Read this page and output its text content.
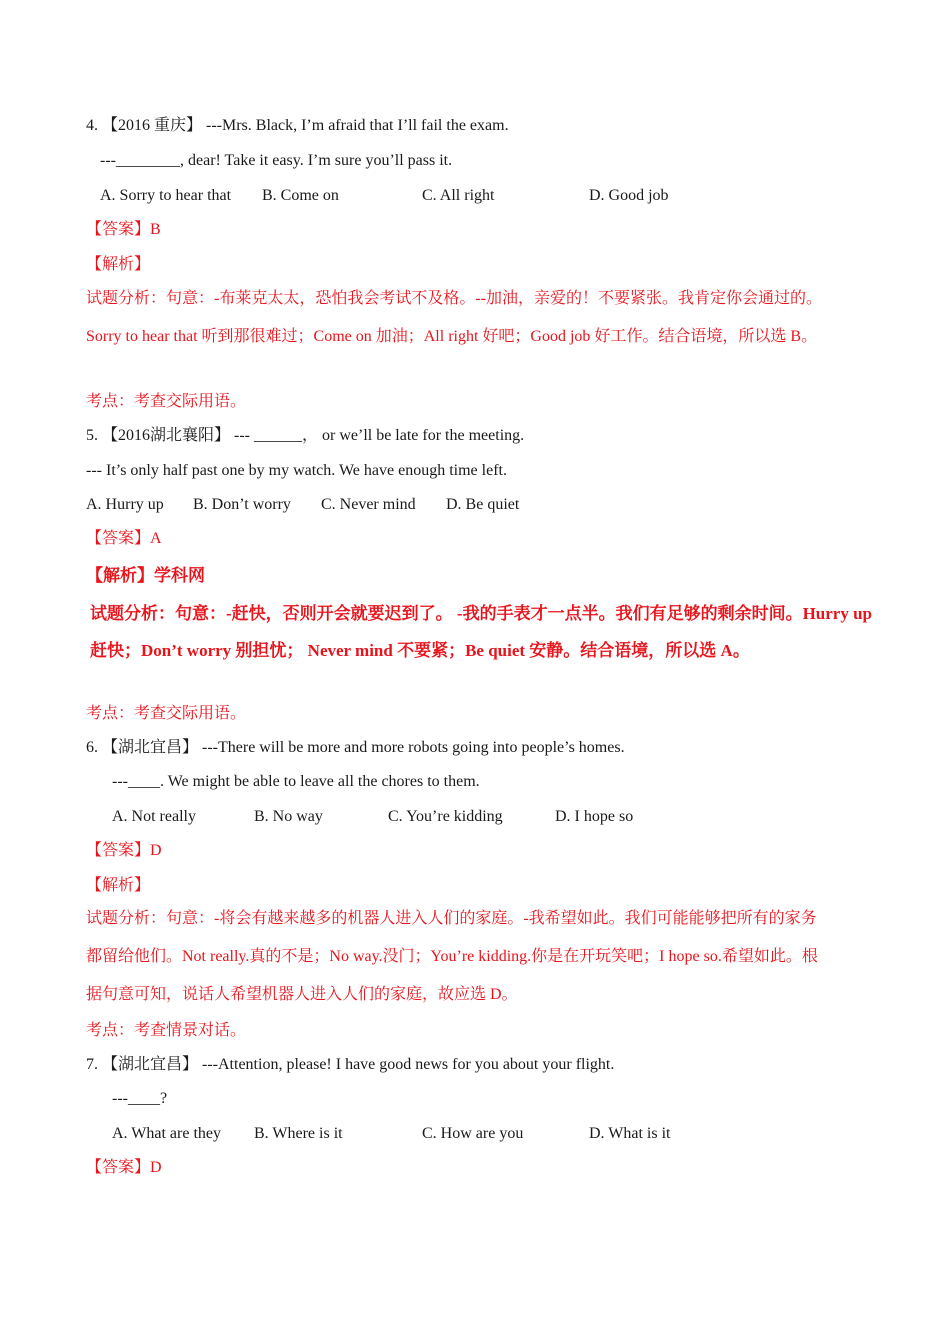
4. 【2016 重庆】 ---Mrs. Black, I’m afraid that I’ll fail the exam.
---________, dear! Take it easy. I’m sure you’ll pass it.
A. Sorry to hear that B. Come on	C. All right	D. Good job
【答案】B
【解析】
试题分析：句意：-布莱克太太，恐怕我会考试不及格。--加油，亲爱的！不要紧张。我肯定你会通过的。
Sorry to hear that 听到那很难过；Come on 加油；All right 好吧；Good job 好工作。结合语境，所以选 B。
考点：考查交际用语。
5. 【2016湖北襄阳】 --- ______， or we’ll be late for the meeting.
--- It’s only half past one by my watch. We have enough time left.
A. Hurry up B. Don’t worry C. Never mind D. Be quiet
【答案】A
【解析】学科网
试题分析：句意：-赶快，否则开会就要迟到了。 -我的手表才一点半。我们有足够的剩余时间。Hurry up
赶快；Don’t worry 别担忧； Never mind 不要紧；Be quiet 安静。结合语境，所以选 A。
考点：考查交际用语。
6. 【湖北宜昌】 ---There will be more and more robots going into people’s homes.
---____. We might be able to leave all the chores to them.
A. Not really	B. No way	C. You’re kidding	D. I hope so
【答案】D
【解析】
试题分析：句意：-将会有越来越多的机器人进入人们的家庭。-我希望如此。我们可能能够把所有的家务
都留给他们。Not really.真的不是；No way.没门；You’re kidding.你是在开玩笑吧；I hope so.希望如此。根
据句意可知，说话人希望机器人进入人们的家庭，故应选 D。
考点：考查情景对话。
7. 【湖北宜昌】 ---Attention, please! I have good news for you about your flight.
---____?
A. What are they B. Where is it	C. How are you	D. What is it
【答案】D
